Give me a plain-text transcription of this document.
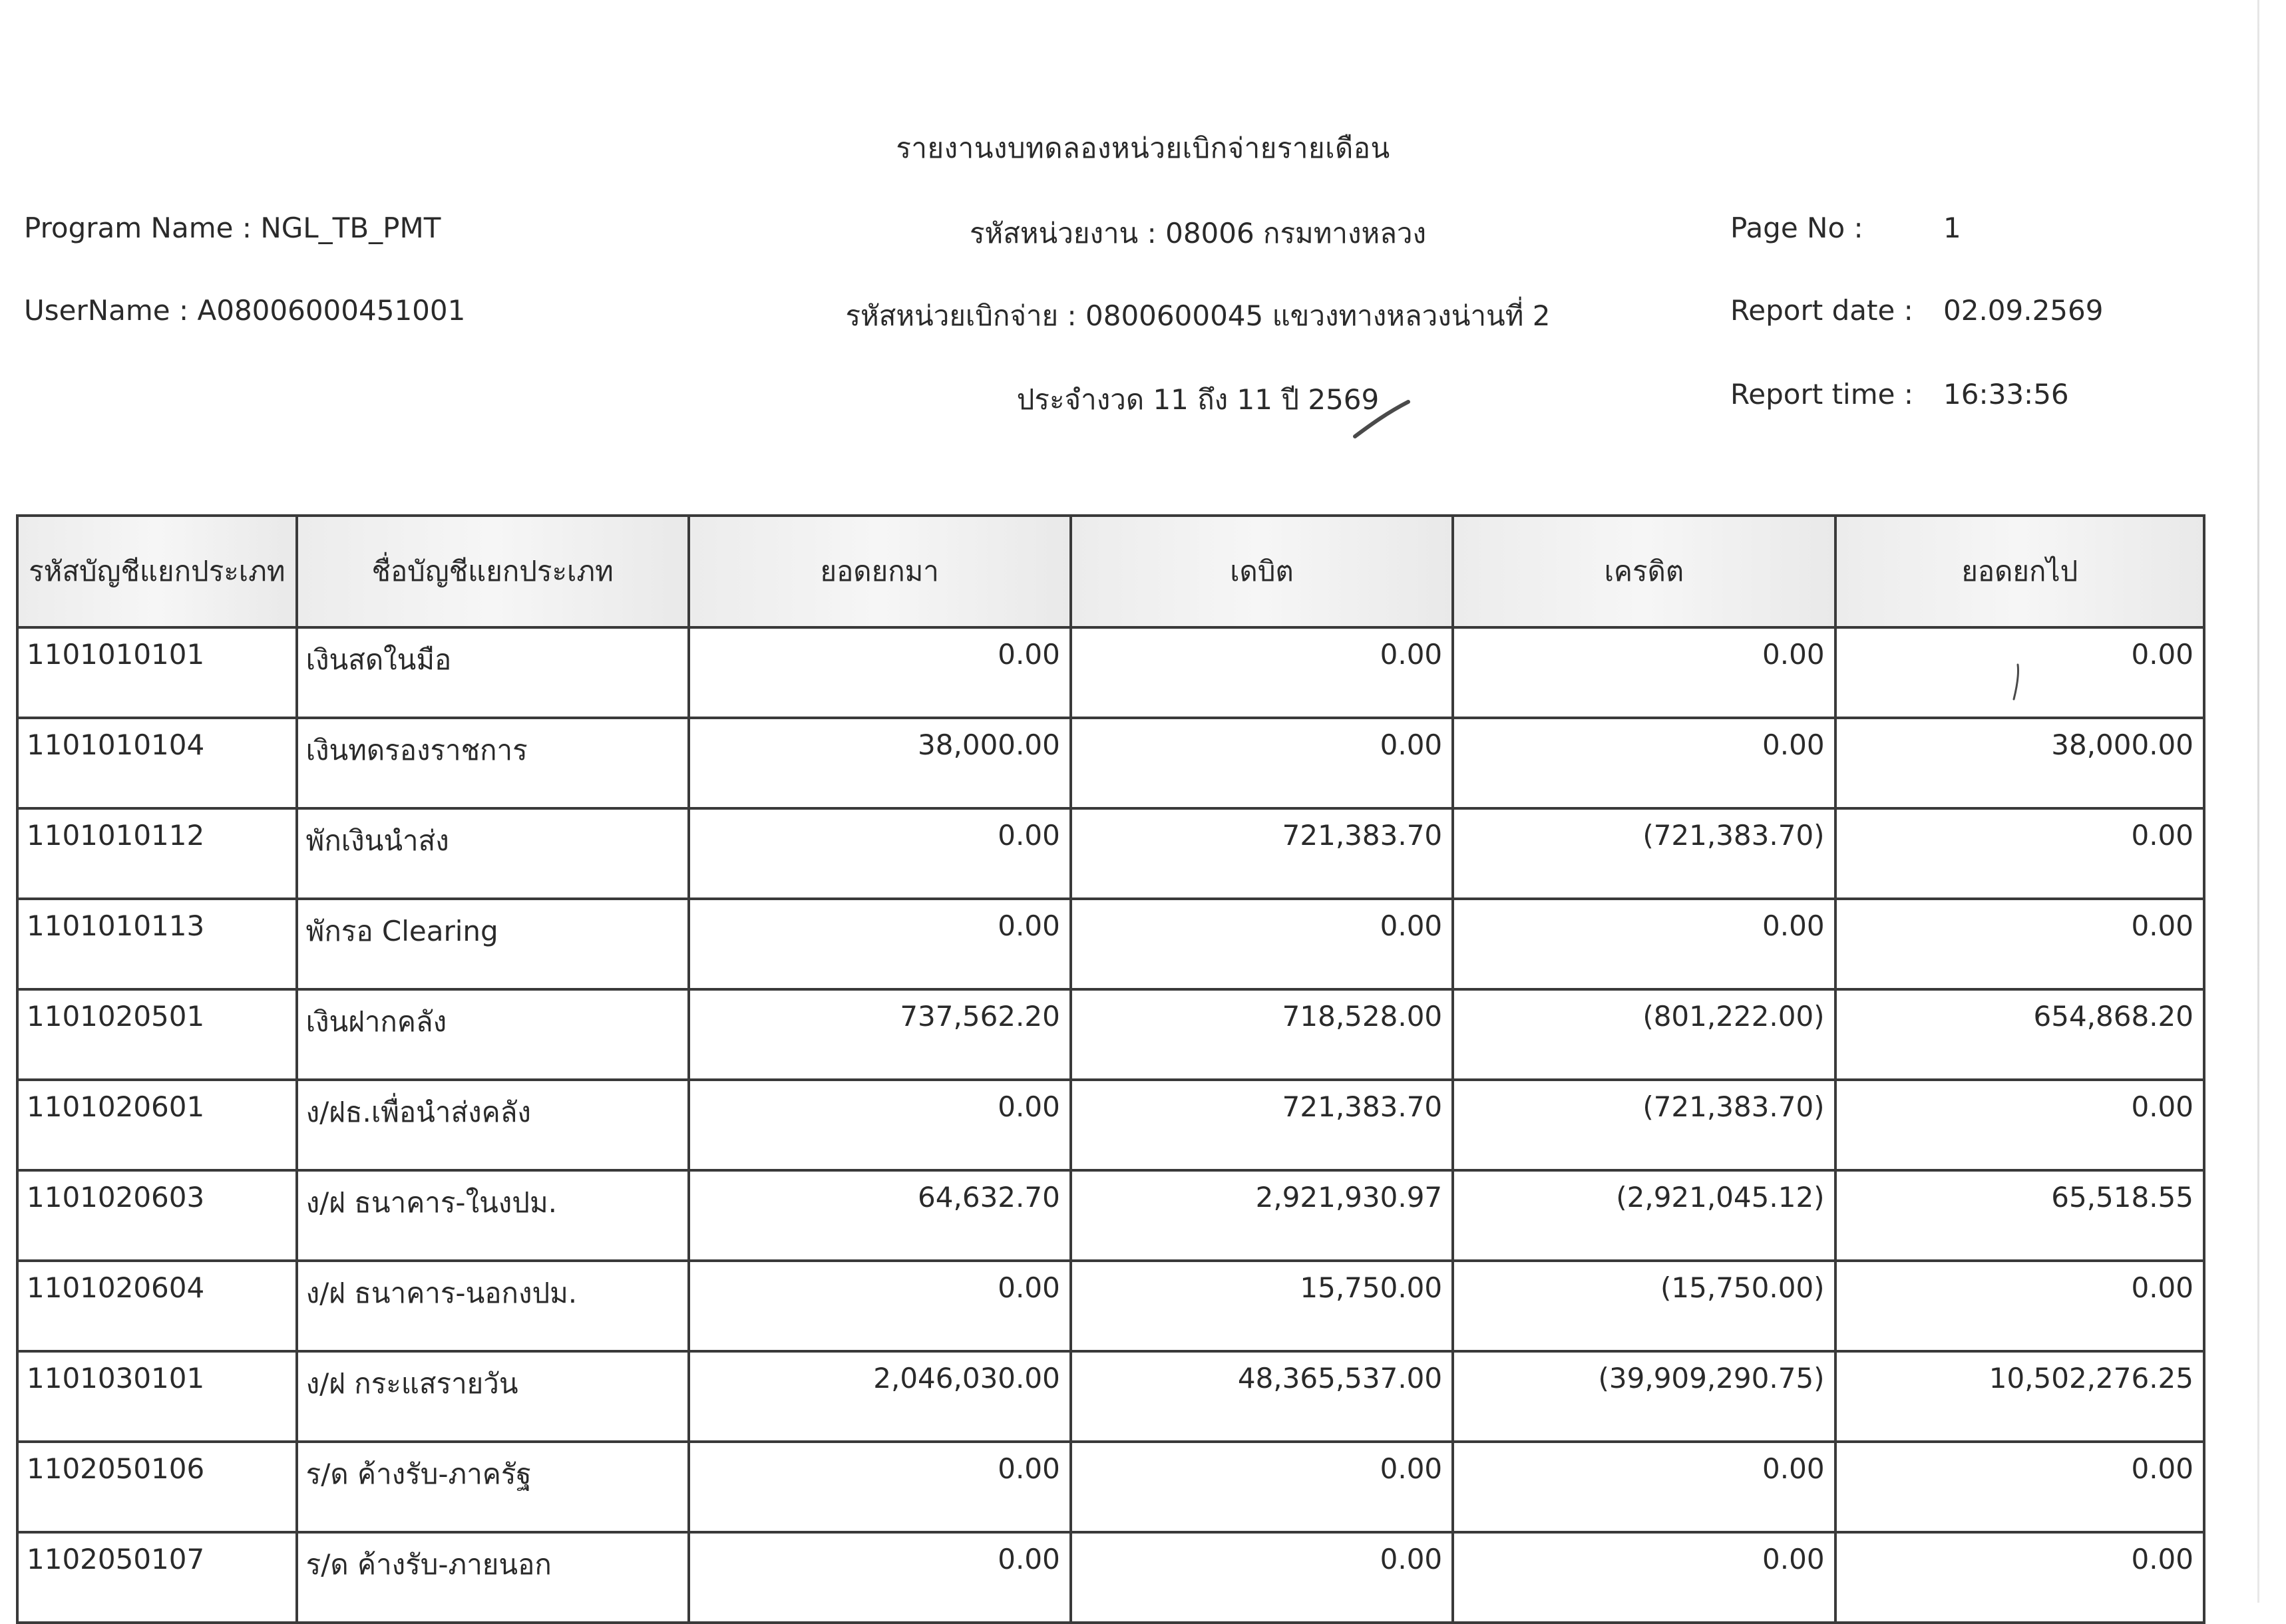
รายงานงบทดลองหน่วยเบิกจ่ายรายเดือน
Program Name : NGL_TB_PMT
UserName : A08006000451001
รหัสหน่วยงาน : 08006 กรมทางหลวง
รหัสหน่วยเบิกจ่าย : 0800600045 แขวงทางหลวงน่านที่ 2
ประจำงวด 11 ถึง 11 ปี 2569
Page No :	1
Report date : 02.09.2569
Report time : 16:33:56
รหัสบัญชีแยกประเภท	ชื่อบัญชีแยกประเภท	ยอดยกมา	เดบิต	เครดิต	ยอดยกไป
1101010101	เงินสดในมือ	0.00	0.00	0.00	0.00
1101010104	เงินทดรองราชการ	38,000.00	0.00	0.00	38,000.00
1101010112	พักเงินนำส่ง	0.00	721,383.70	(721,383.70)	0.00
1101010113	พักรอ Clearing	0.00	0.00	0.00	0.00
1101020501	เงินฝากคลัง	737,562.20	718,528.00	(801,222.00)	654,868.20
1101020601	ง/ฝธ.เพื่อนำส่งคลัง	0.00	721,383.70	(721,383.70)	0.00
1101020603	ง/ฝ ธนาคาร-ในงปม.	64,632.70	2,921,930.97	(2,921,045.12)	65,518.55
1101020604	ง/ฝ ธนาคาร-นอกงปม.	0.00	15,750.00	(15,750.00)	0.00
1101030101	ง/ฝ กระแสรายวัน	2,046,030.00	48,365,537.00	(39,909,290.75)	10,502,276.25
1102050106	ร/ด ค้างรับ-ภาครัฐ	0.00	0.00	0.00	0.00
1102050107	ร/ด ค้างรับ-ภายนอก	0.00	0.00	0.00	0.00
